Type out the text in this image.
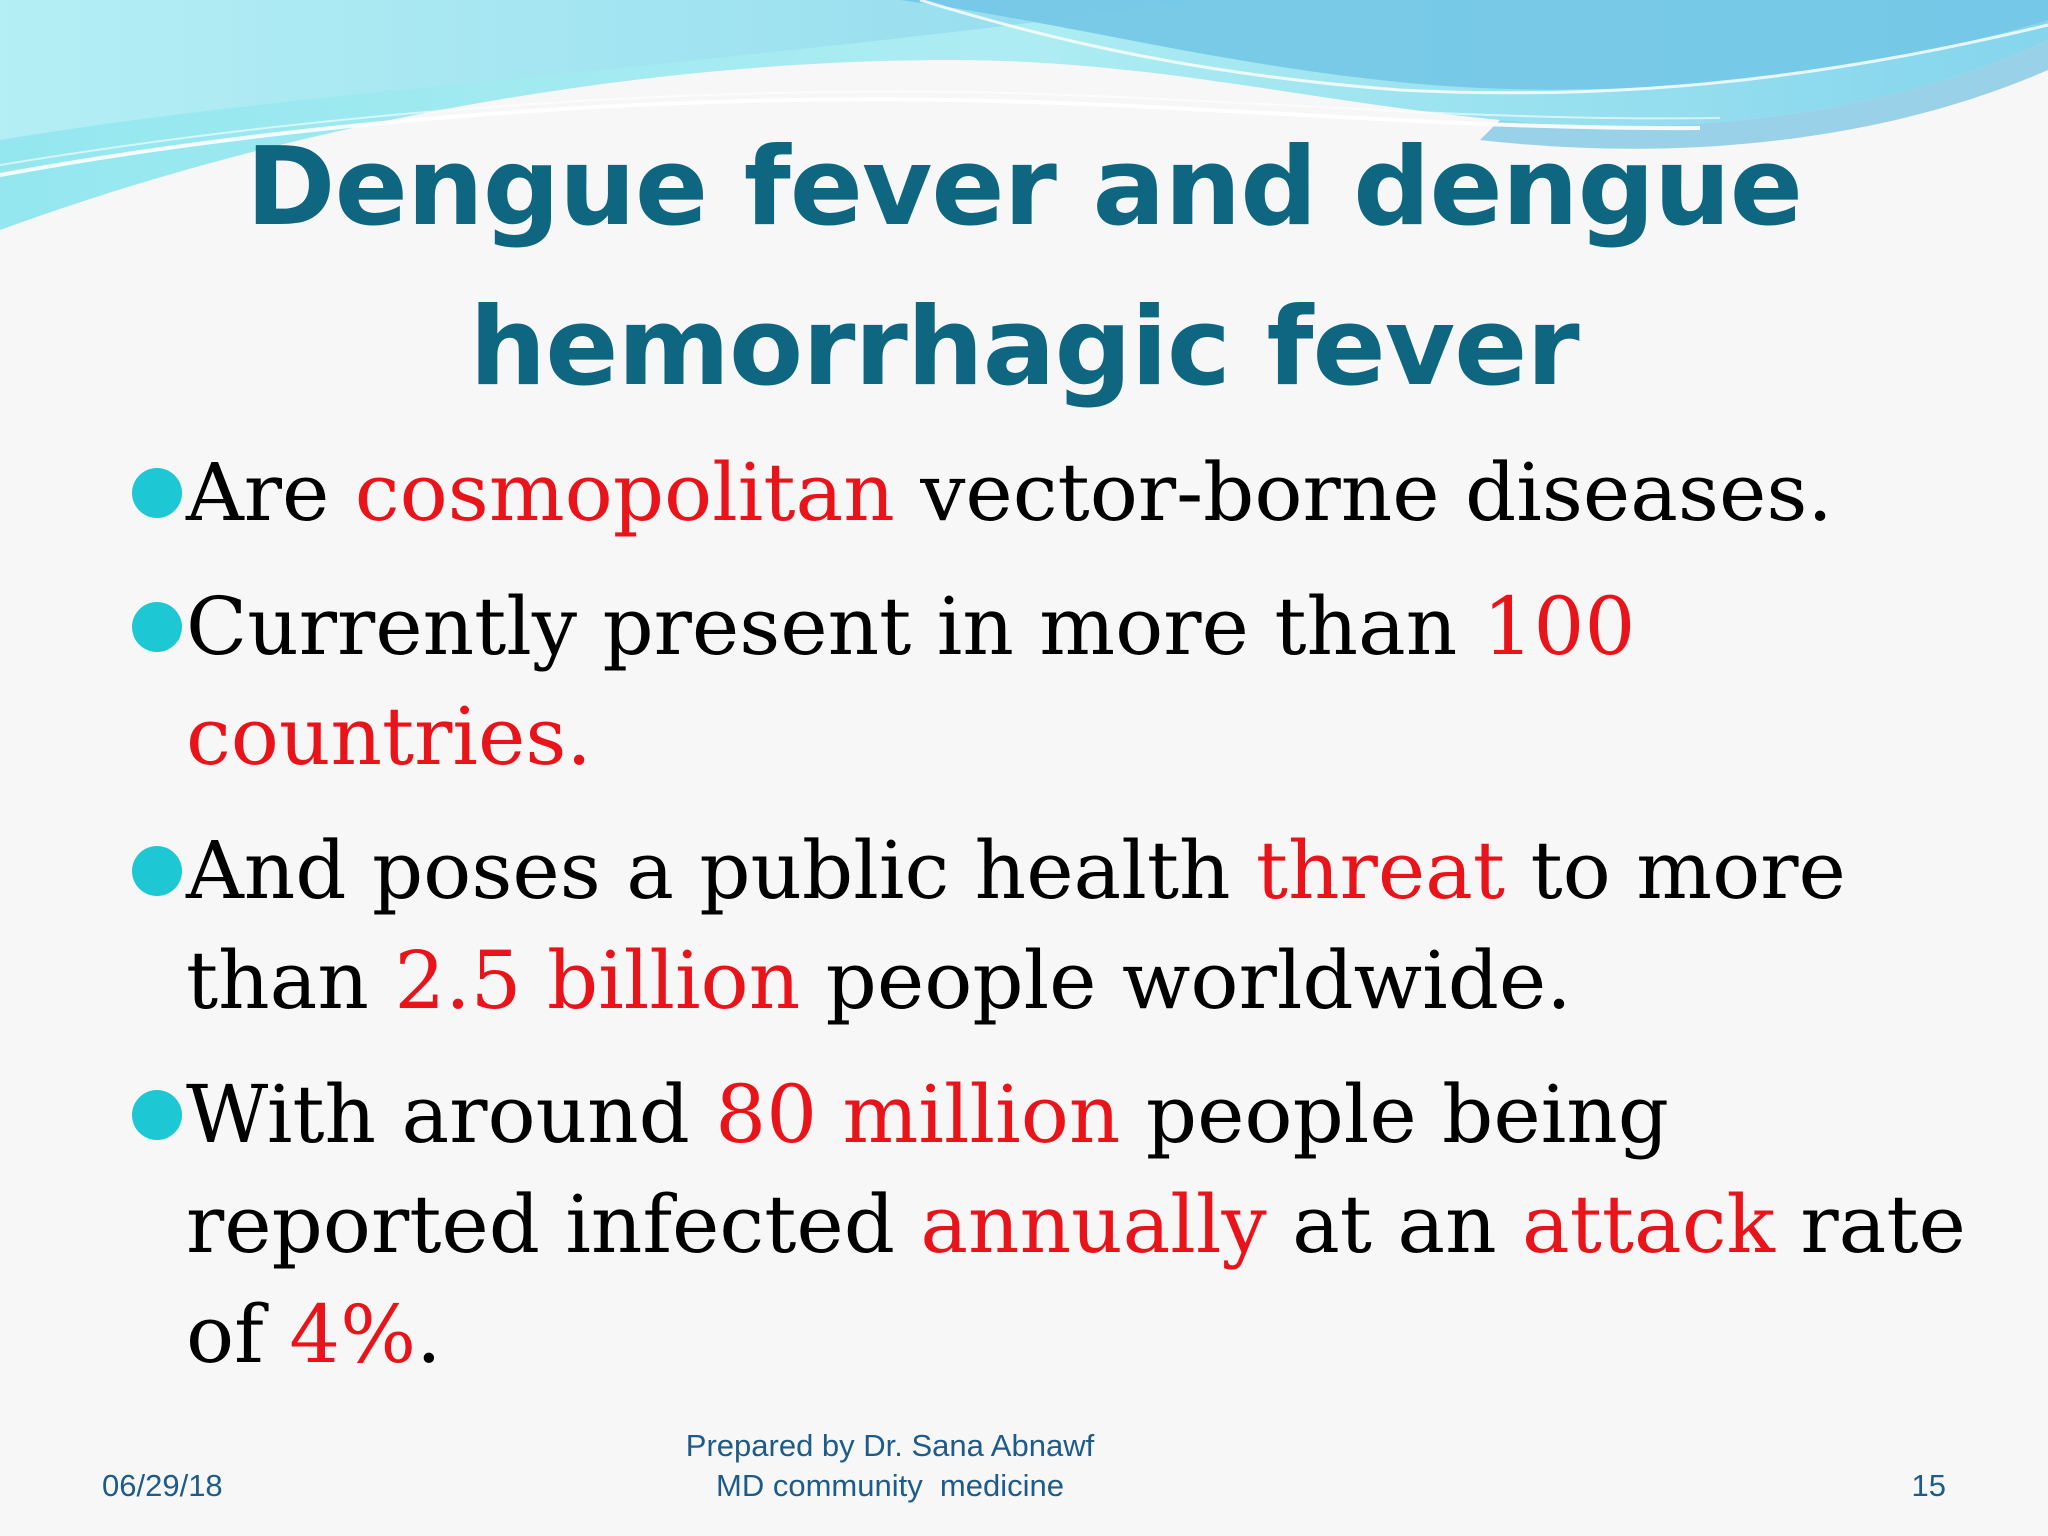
Dengue fever and dengue
hemorrhagic fever
Are cosmopolitan vector-borne diseases.
Currently present in more than 100 countries.
And poses a public health threat to more than 2.5 billion people worldwide.
With around 80 million people being reported infected annually at an attack rate of 4%.
06/29/18
Prepared by Dr. Sana Abnawf
MD community  medicine	15
